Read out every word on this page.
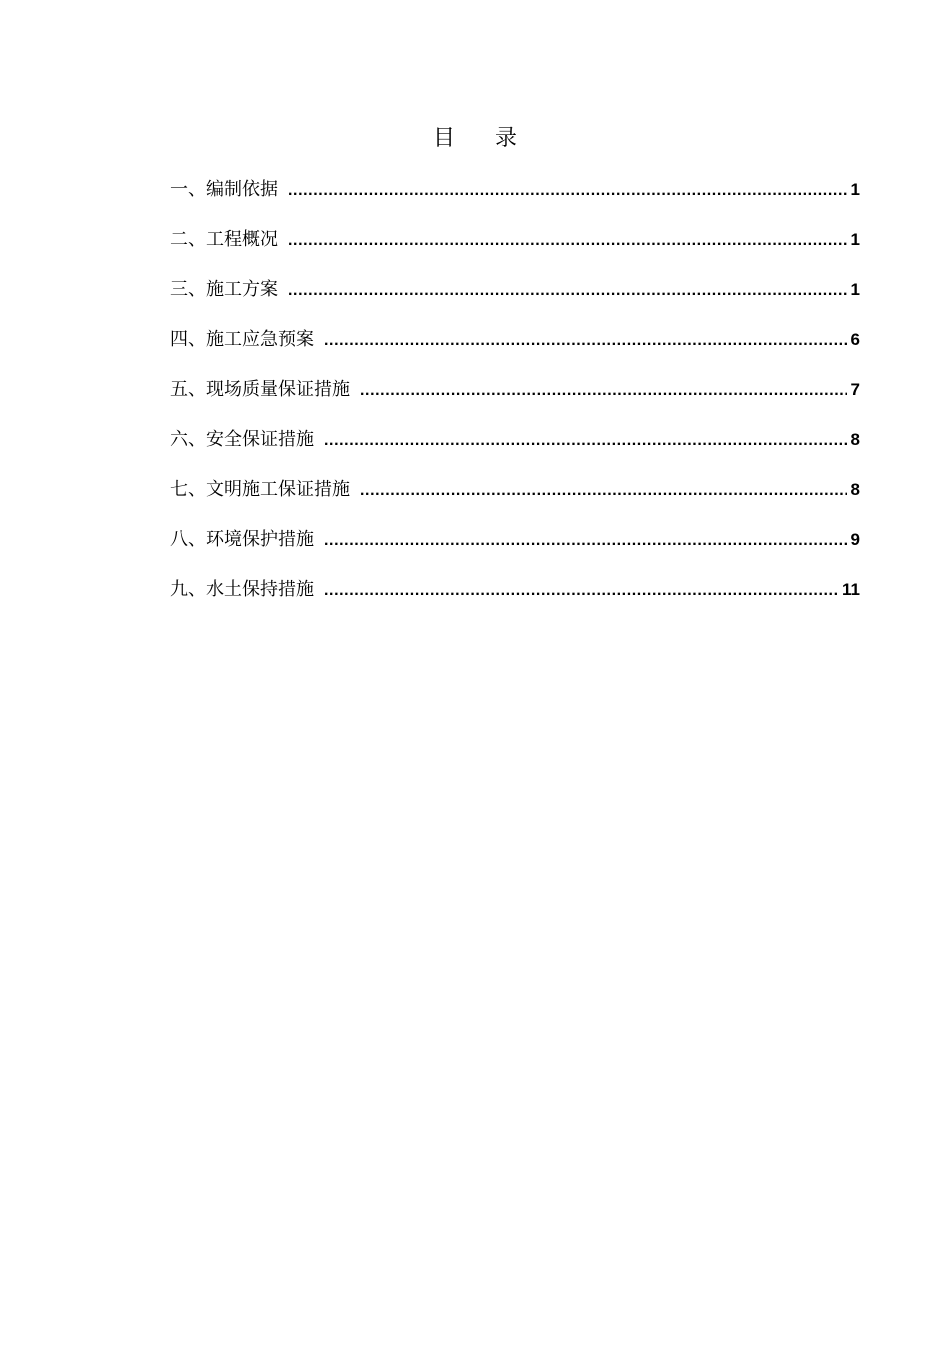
目 录
一、编制依据 .....	1
二、工程概况 .....	1
三、施工方案 .....	1
四、施工应急预案 .....	6
五、现场质量保证措施 .....	7
六、安全保证措施 .....	8
七、文明施工保证措施 .....	8
八、环境保护措施 .....	9
九、水土保持措施 .....	11
